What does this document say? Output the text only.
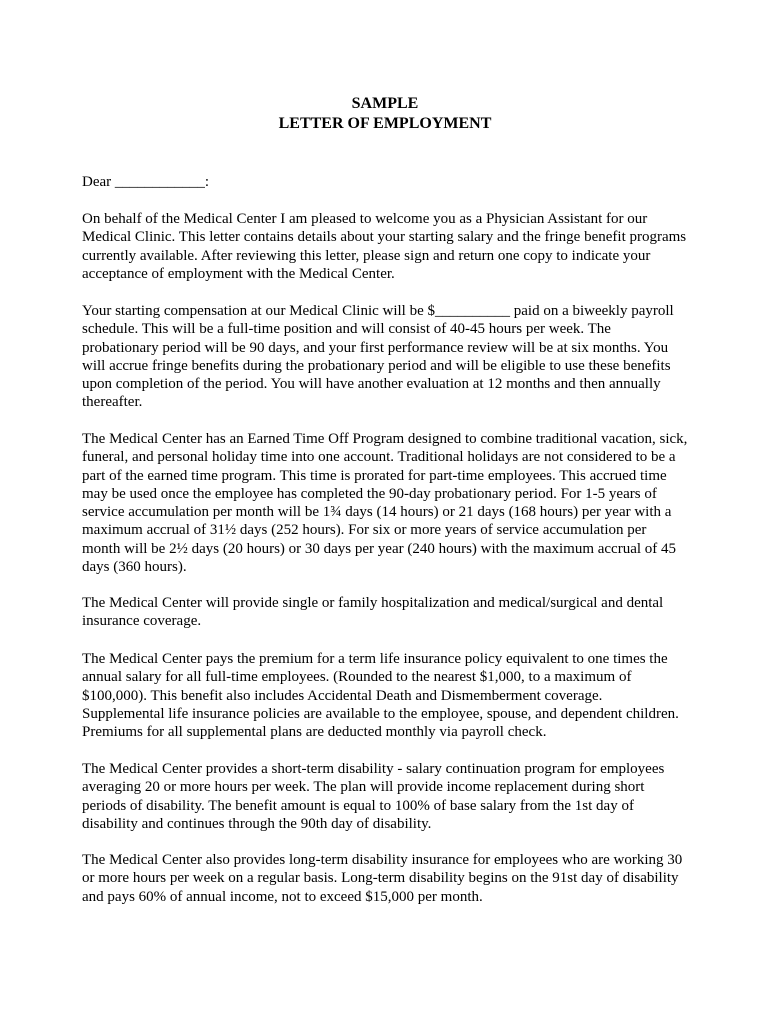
SAMPLE
LETTER OF EMPLOYMENT
Dear ____________:
On behalf of the Medical Center I am pleased to welcome you as a Physician Assistant for our
Medical Clinic. This letter contains details about your starting salary and the fringe benefit programs
currently available. After reviewing this letter, please sign and return one copy to indicate your
acceptance of employment with the Medical Center.
Your starting compensation at our Medical Clinic will be $__________ paid on a biweekly payroll
schedule. This will be a full-time position and will consist of 40-45 hours per week. The
probationary period will be 90 days, and your first performance review will be at six months. You
will accrue fringe benefits during the probationary period and will be eligible to use these benefits
upon completion of the period. You will have another evaluation at 12 months and then annually
thereafter.
The Medical Center has an Earned Time Off Program designed to combine traditional vacation, sick,
funeral, and personal holiday time into one account. Traditional holidays are not considered to be a
part of the earned time program. This time is prorated for part-time employees. This accrued time
may be used once the employee has completed the 90-day probationary period. For 1-5 years of
service accumulation per month will be 1¾ days (14 hours) or 21 days (168 hours) per year with a
maximum accrual of 31½ days (252 hours). For six or more years of service accumulation per
month will be 2½ days (20 hours) or 30 days per year (240 hours) with the maximum accrual of 45
days (360 hours).
The Medical Center will provide single or family hospitalization and medical/surgical and dental
insurance coverage.
The Medical Center pays the premium for a term life insurance policy equivalent to one times the
annual salary for all full-time employees. (Rounded to the nearest $1,000, to a maximum of
$100,000). This benefit also includes Accidental Death and Dismemberment coverage.
Supplemental life insurance policies are available to the employee, spouse, and dependent children.
Premiums for all supplemental plans are deducted monthly via payroll check.
The Medical Center provides a short-term disability - salary continuation program for employees
averaging 20 or more hours per week. The plan will provide income replacement during short
periods of disability. The benefit amount is equal to 100% of base salary from the 1st day of
disability and continues through the 90th day of disability.
The Medical Center also provides long-term disability insurance for employees who are working 30
or more hours per week on a regular basis. Long-term disability begins on the 91st day of disability
and pays 60% of annual income, not to exceed $15,000 per month.
